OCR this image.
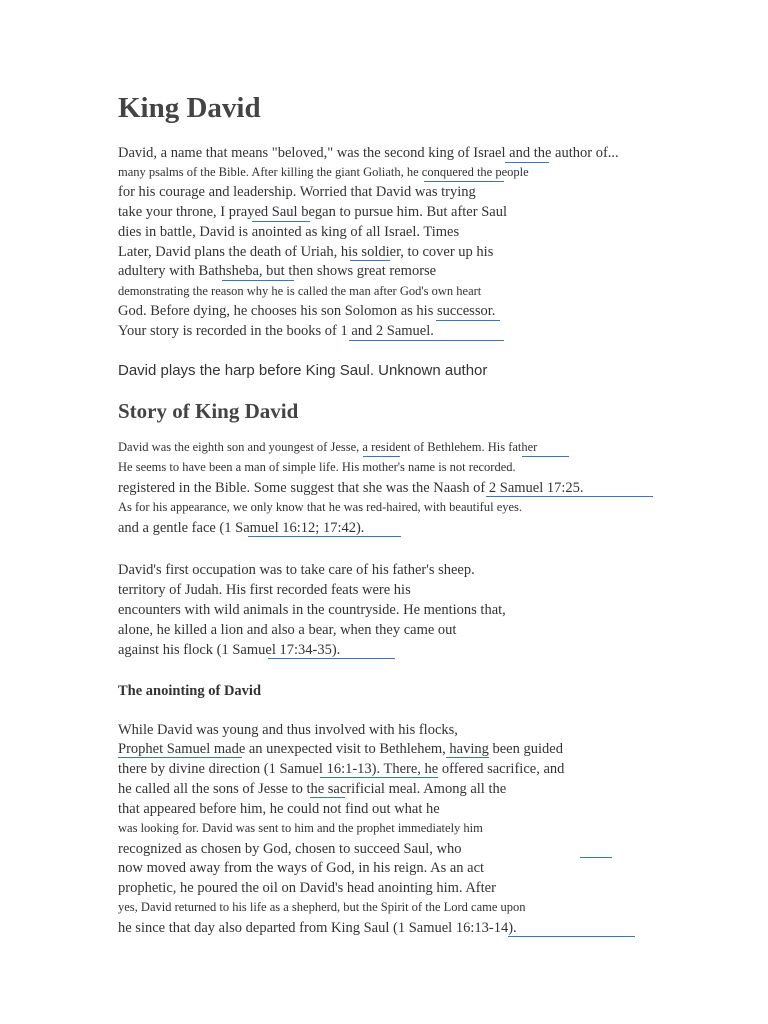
King David
David, a name that means "beloved," was the second king of Israel and the author of...
many psalms of the Bible. After killing the giant Goliath, he conquered the people
for his courage and leadership. Worried that David was trying
take your throne, I prayed Saul began to pursue him. But after Saul
dies in battle, David is anointed as king of all Israel. Times
Later, David plans the death of Uriah, his soldier, to cover up his
adultery with Bathsheba, but then shows great remorse
demonstrating the reason why he is called the man after God's own heart
God. Before dying, he chooses his son Solomon as his successor.
Your story is recorded in the books of 1 and 2 Samuel.
David plays the harp before King Saul. Unknown author
Story of King David
David was the eighth son and youngest of Jesse, a resident of Bethlehem. His father
He seems to have been a man of simple life. His mother's name is not recorded.
registered in the Bible. Some suggest that she was the Naash of 2 Samuel 17:25.
As for his appearance, we only know that he was red-haired, with beautiful eyes.
and a gentle face (1 Samuel 16:12; 17:42).
David's first occupation was to take care of his father's sheep.
territory of Judah. His first recorded feats were his
encounters with wild animals in the countryside. He mentions that,
alone, he killed a lion and also a bear, when they came out
against his flock (1 Samuel 17:34-35).
The anointing of David
While David was young and thus involved with his flocks,
Prophet Samuel made an unexpected visit to Bethlehem, having been guided
there by divine direction (1 Samuel 16:1-13). There, he offered sacrifice, and
he called all the sons of Jesse to the sacrificial meal. Among all the
that appeared before him, he could not find out what he
was looking for. David was sent to him and the prophet immediately him
recognized as chosen by God, chosen to succeed Saul, who
now moved away from the ways of God, in his reign. As an act
prophetic, he poured the oil on David's head anointing him. After
yes, David returned to his life as a shepherd, but the Spirit of the Lord came upon
he since that day also departed from King Saul (1 Samuel 16:13-14).
